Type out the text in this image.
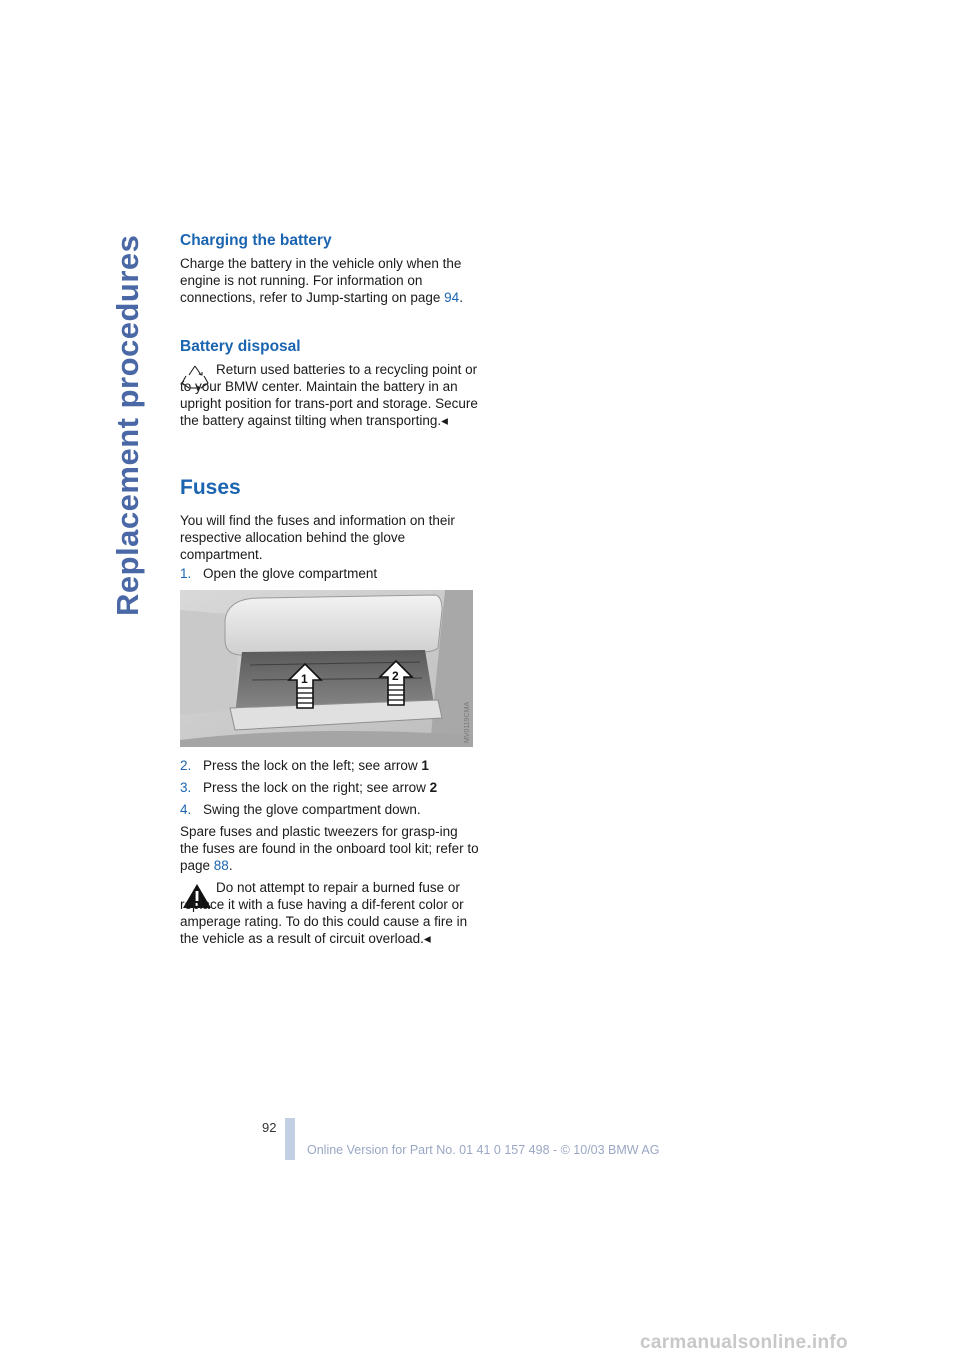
Replacement procedures Charging the battery

Charge the battery in the vehicle only when the engine is not running. For information on connections, refer to Jump-starting on page 94.

Battery disposal

Return used batteries to a recycling point or to your BMW center. Maintain the battery in an upright position for trans-port and storage. Secure the battery against tilting when transporting.◂

Fuses

You will find the fuses and information on their respective allocation behind the glove compartment.

1. Open the glove compartment
1	2
MV0119CMA
2. Press the lock on the left; see arrow 1
3. Press the lock on the right; see arrow 2
4. Swing the glove compartment down.

Spare fuses and plastic tweezers for grasp-ing the fuses are found in the onboard tool kit; refer to page 88.

Do not attempt to repair a burned fuse or replace it with a fuse having a dif-ferent color or amperage rating. To do this could cause a fire in the vehicle as a result of circuit overload.◂

92
Online Version for Part No. 01 41 0 157 498 - © 10/03 BMW AG
carmanualsonline.info
